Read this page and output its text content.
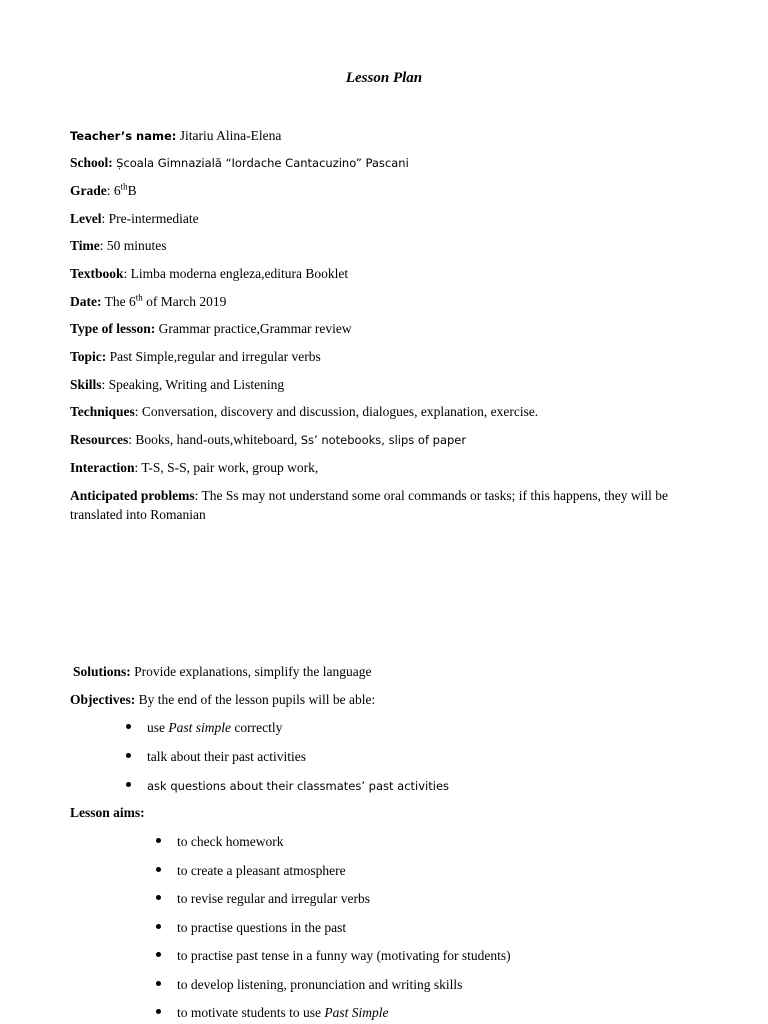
Lesson Plan
Teacher’s name: Jitariu Alina-Elena
School: Școala Gimnazială “Iordache Cantacuzino” Pascani
Grade: 6thB
Level: Pre-intermediate
Time: 50 minutes
Textbook: Limba moderna engleza,editura Booklet
Date: The 6th of March 2019
Type of lesson: Grammar practice,Grammar review
Topic: Past Simple,regular and irregular verbs
Skills: Speaking, Writing and Listening
Techniques: Conversation, discovery and discussion, dialogues, explanation, exercise.
Resources: Books, hand-outs,whiteboard, Ss’ notebooks, slips of paper
Interaction: T-S, S-S, pair work, group work,
Anticipated problems: The Ss may not understand some oral commands or tasks; if this happens, they will be translated into Romanian
Solutions: Provide explanations, simplify the language
Objectives: By the end of the lesson pupils will be able:
use Past simple correctly
talk about their past activities
ask questions about their classmates’ past activities
Lesson aims:
to check homework
to create a pleasant atmosphere
to revise regular and irregular verbs
to practise questions in the past
to practise past tense in a funny way (motivating for students)
to develop listening, pronunciation and writing skills
to motivate students to use Past Simple
